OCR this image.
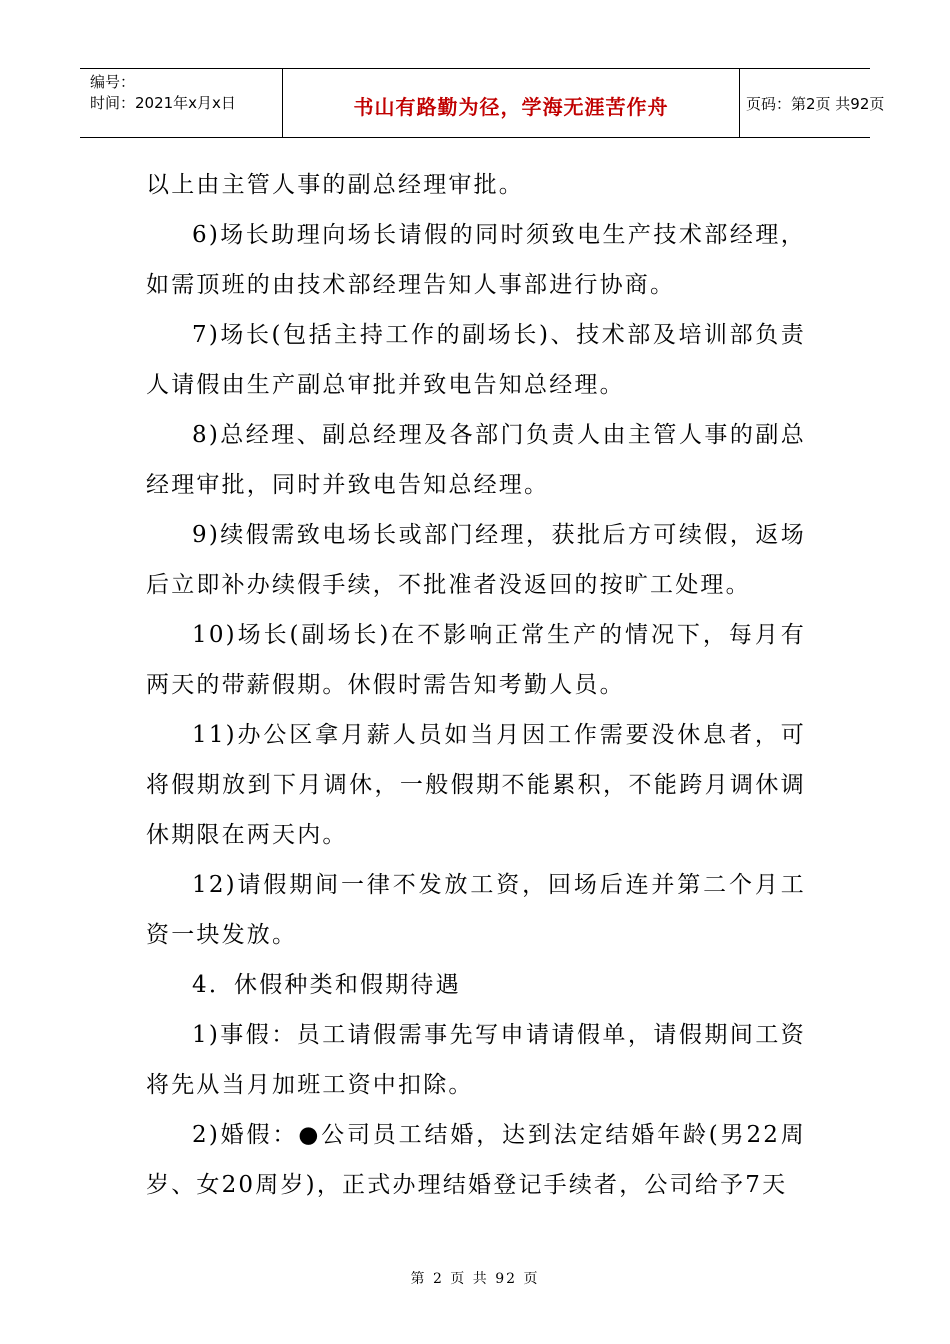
编号：
时间：2021年x月x日	书山有路勤为径，学海无涯苦作舟	页码：第2页 共92页

以上由主管人事的副总经理审批。

6)场长助理向场长请假的同时须致电生产技术部经理，如需顶班的由技术部经理告知人事部进行协商。

7)场长(包括主持工作的副场长)、技术部及培训部负责人请假由生产副总审批并致电告知总经理。

8)总经理、副总经理及各部门负责人由主管人事的副总经理审批，同时并致电告知总经理。

9)续假需致电场长或部门经理，获批后方可续假，返场后立即补办续假手续，不批准者没返回的按旷工处理。

10)场长(副场长)在不影响正常生产的情况下，每月有两天的带薪假期。休假时需告知考勤人员。

11)办公区拿月薪人员如当月因工作需要没休息者，可将假期放到下月调休，一般假期不能累积，不能跨月调休调休期限在两天内。

12)请假期间一律不发放工资，回场后连并第二个月工资一块发放。

4．休假种类和假期待遇

1)事假：员工请假需事先写申请请假单，请假期间工资将先从当月加班工资中扣除。

2)婚假：●公司员工结婚，达到法定结婚年龄(男22周岁、女20周岁)，正式办理结婚登记手续者，公司给予7天

第 2 页 共 92 页
